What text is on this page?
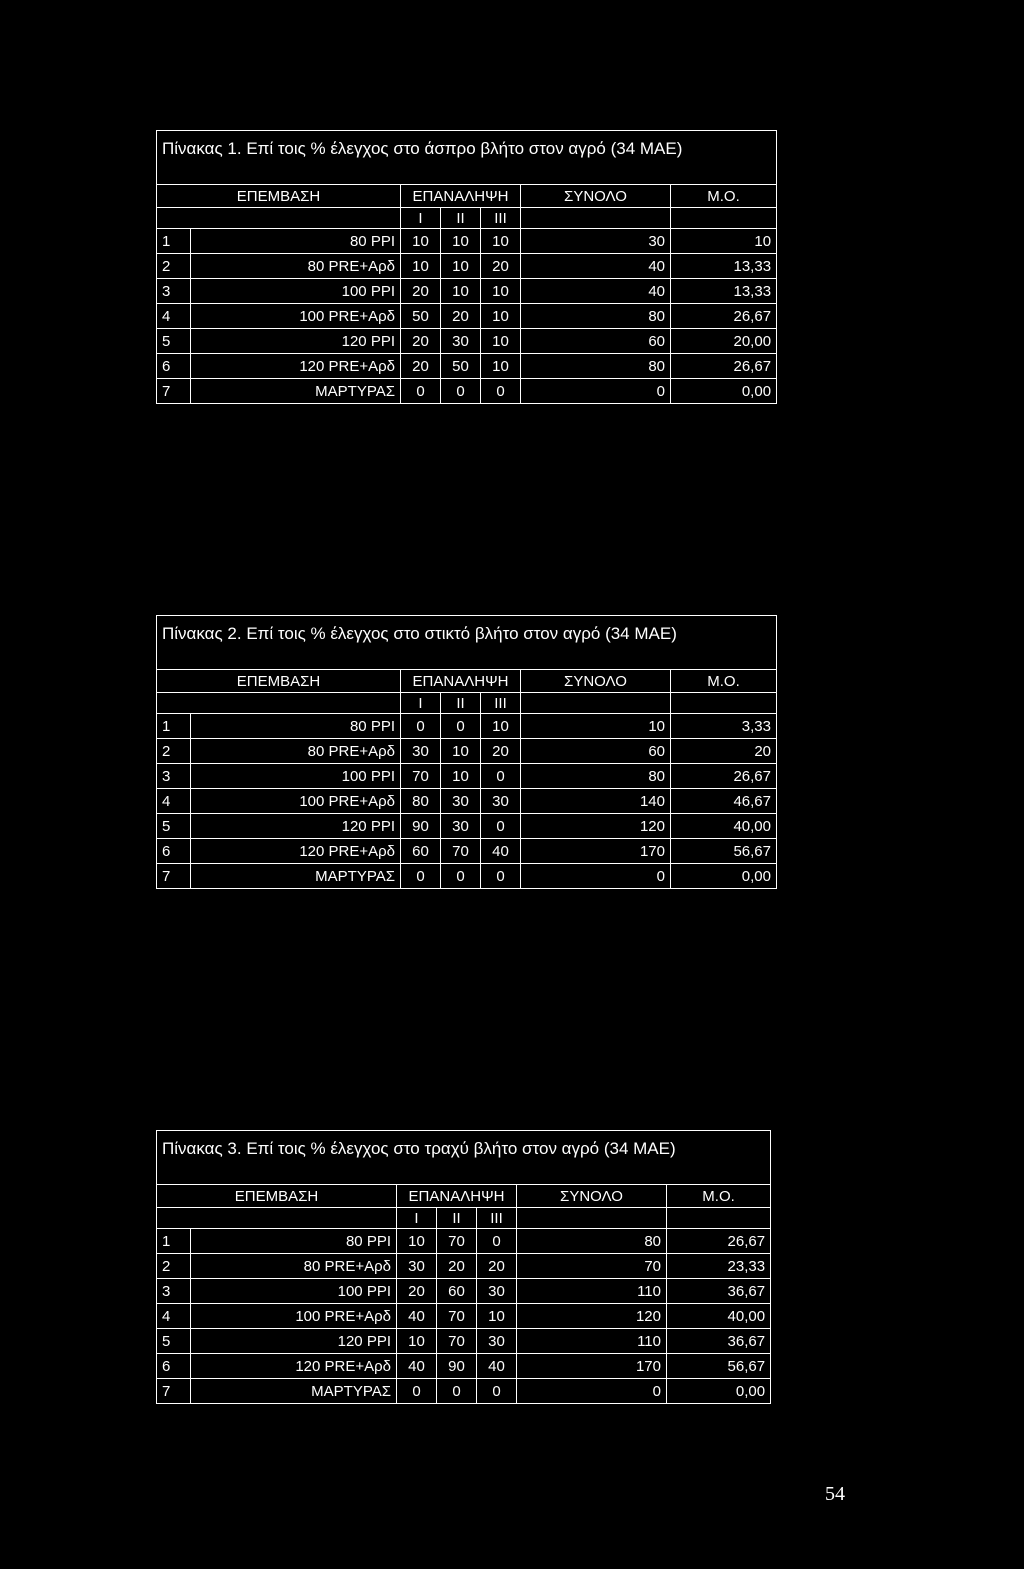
Πίνακας 1. Επί τοις % έλεγχος στο άσπρο βλήτο στον αγρό (34 ΜΑΕ)						
ΕΠΕΜΒΑΣΗ		ΕΠΑΝΑΛΗΨΗ			ΣΥΝΟΛΟ	Μ.Ο.
		I	II	III		
1	80 PPI	10	10	10	30	10
2	80 PRE+Αρδ	10	10	20	40	13,33
3	100 PPI	20	10	10	40	13,33
4	100 PRE+Αρδ	50	20	10	80	26,67
5	120 PPI	20	30	10	60	20,00
6	120 PRE+Αρδ	20	50	10	80	26,67
7	ΜΑΡΤΥΡΑΣ	0	0	0	0	0,00
Πίνακας 2. Επί τοις % έλεγχος στο στικτό βλήτο στον αγρό (34 ΜΑΕ)						
ΕΠΕΜΒΑΣΗ		ΕΠΑΝΑΛΗΨΗ			ΣΥΝΟΛΟ	Μ.Ο.
		I	II	III		
1	80 PPI	0	0	10	10	3,33
2	80 PRE+Αρδ	30	10	20	60	20
3	100 PPI	70	10	0	80	26,67
4	100 PRE+Αρδ	80	30	30	140	46,67
5	120 PPI	90	30	0	120	40,00
6	120 PRE+Αρδ	60	70	40	170	56,67
7	ΜΑΡΤΥΡΑΣ	0	0	0	0	0,00
Πίνακας 3. Επί τοις % έλεγχος στο τραχύ βλήτο στον αγρό (34 ΜΑΕ)						
ΕΠΕΜΒΑΣΗ		ΕΠΑΝΑΛΗΨΗ			ΣΥΝΟΛΟ	Μ.Ο.
		I	II	III		
1	80 PPI	10	70	0	80	26,67
2	80 PRE+Αρδ	30	20	20	70	23,33
3	100 PPI	20	60	30	110	36,67
4	100 PRE+Αρδ	40	70	10	120	40,00
5	120 PPI	10	70	30	110	36,67
6	120 PRE+Αρδ	40	90	40	170	56,67
7	ΜΑΡΤΥΡΑΣ	0	0	0	0	0,00
54
